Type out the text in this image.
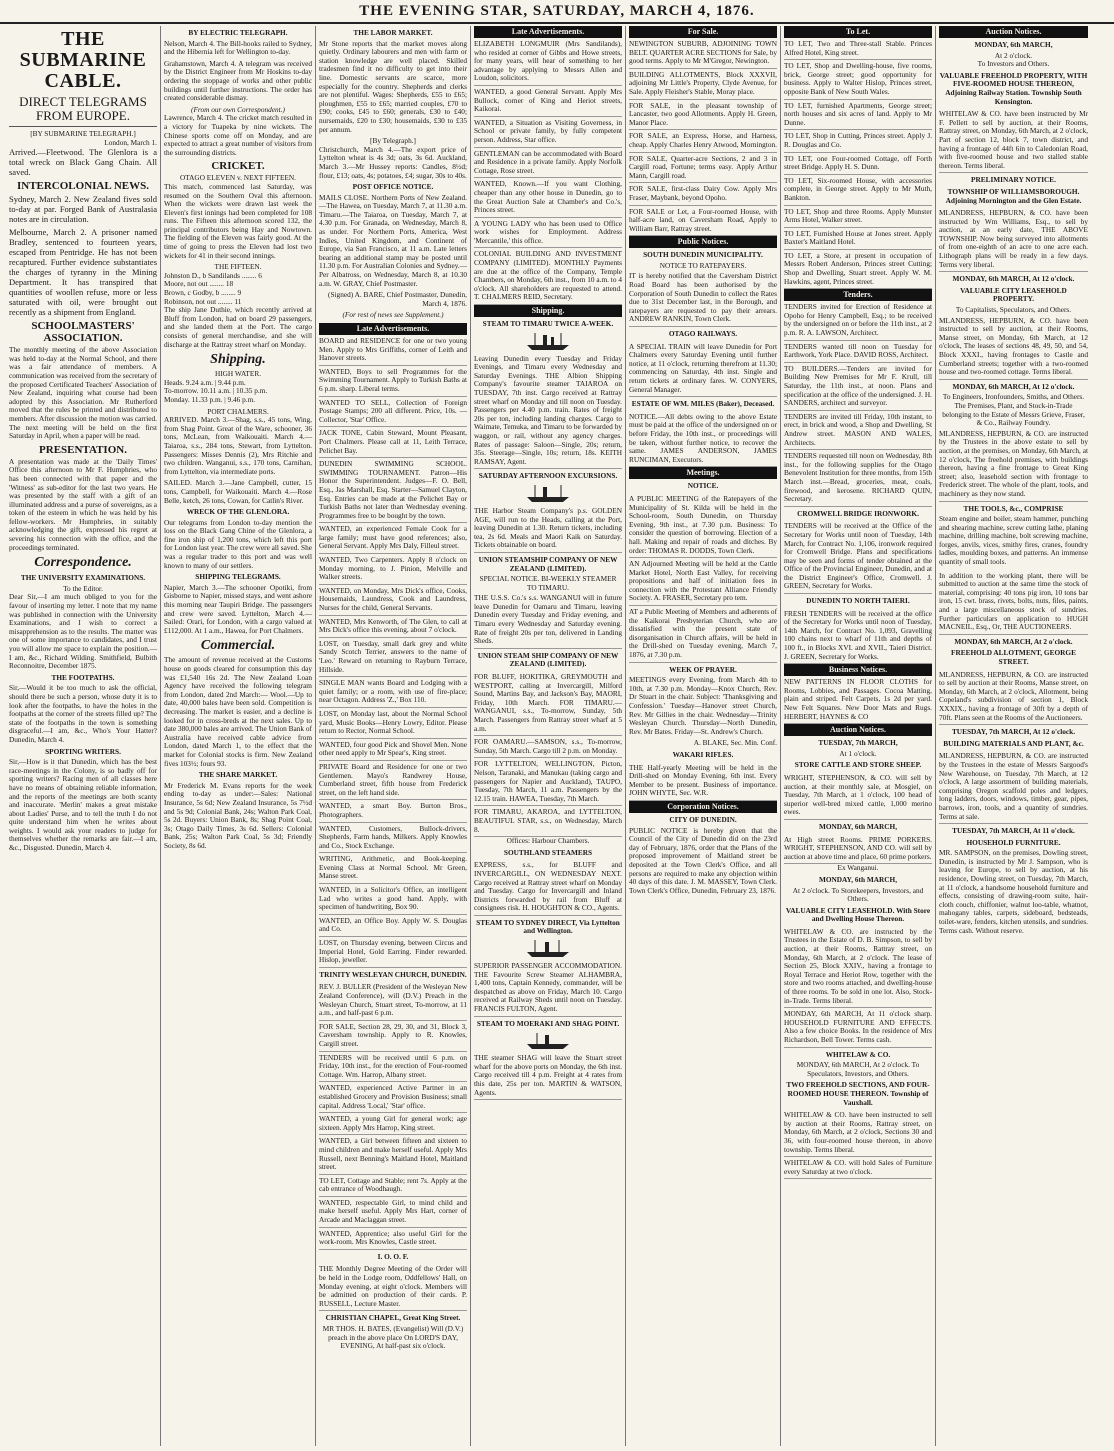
THE EVENING STAR, SATURDAY, MARCH 4, 1876.
THE SUBMARINE CABLE.
DIRECT TELEGRAMS FROM EUROPE.
[BY SUBMARINE TELEGRAPH.]
London, March 1.

Arrived.—Fleetwood. The Glenlora is a total wreck on Black Gang Chain. All saved.

INTERCOLONIAL NEWS.

Sydney, March 2. New Zealand fives sold to-day at par. Forged Bank of Australasia notes are in circulation.

Melbourne, March 2. A prisoner named Bradley, sentenced to fourteen years, escaped from Pentridge. He has not been recaptured. Further evidence substantiates the charges of tyranny in the Mining Department. It has transpired that quantities of woollen refuse, more or less saturated with oil, were brought out recently as a shipment from England.

SCHOOLMASTERS' ASSOCIATION.

The monthly meeting of the above Association was held to-day at the Normal School, and there was a fair attendance of members. A communication was received from the secretary of the proposed Certificated Teachers' Association of New Zealand, inquiring what course had been adopted by this Association. Mr Rutherford moved that the rules be printed and distributed to members. After discussion the motion was carried. The next meeting will be held on the first Saturday in April, when a paper will be read.

PRESENTATION.

A presentation was made at the 'Daily Times' Office this afternoon to Mr F. Humphries, who has been connected with that paper and the 'Witness' as sub-editor for the last two years. He was presented by the staff with a gift of an illuminated address and a purse of sovereigns, as a token of the esteem in which he was held by his fellow-workers. Mr Humphries, in suitably acknowledging the gift, expressed his regret at severing his connection with the office, and the proceedings terminated.

Correspondence.
THE UNIVERSITY EXAMINATIONS.
To the Editor.

Dear Sir,—I am much obliged to you for the favour of inserting my letter. I note that my name was published in connection with the University Examinations, and I wish to correct a misapprehension as to the results. The matter was one of some importance to candidates, and I trust you will allow me space to explain the position.—I am, &c., Richard Wilding. Smithfield, Bulbith Reconnoitre, December 1875.

THE FOOTPATHS.

Sir,—Would it be too much to ask the official, should there be such a person, whose duty it is to look after the footpaths, to have the holes in the footpaths at the corner of the streets filled up? The state of the footpaths in the town is something disgraceful.—I am, &c., Who's Your Hatter? Dunedin, March 4.

SPORTING WRITERS.

Sir,—How is it that Dunedin, which has the best race-meetings in the Colony, is so badly off for sporting writers? Racing men of all classes here have no means of obtaining reliable information, and the reports of the meetings are both scanty and inaccurate. 'Merlin' makes a great mistake about Ladies' Purse, and to tell the truth I do not quite understand him when he writes about weights. I would ask your readers to judge for themselves whether the remarks are fair.—I am, &c., Disgusted. Dunedin, March 4.

BY ELECTRIC TELEGRAPH.

Nelson, March 4. The Bill-hooks railed to Sydney, and the Hibernia left for Wellington to-day.

Grahamstown, March 4. A telegram was received by the District Engineer from Mr Hoskins to-day ordering the stoppage of works and other public buildings until further instructions. The order has created considerable dismay.

(From our own Correspondent.)

Lawrence, March 4. The cricket match resulted in a victory for Tuapeka by nine wickets. The Chinese sports come off on Monday, and are expected to attract a great number of visitors from the surrounding districts.

CRICKET.
OTAGO ELEVEN v. NEXT FIFTEEN.

This match, commenced last Saturday, was resumed on the Southern Oval this afternoon. When the wickets were drawn last week the Eleven's first innings had been completed for 108 runs. The Fifteen this afternoon scored 132, the principal contributors being Hay and Nowtown. The fielding of the Eleven was fairly good. At the time of going to press the Eleven had lost two wickets for 41 in their second innings.

THE FIFTEEN.
Johnston D., b Sandilands ........ 6
Moore, not out ........ 18
Brown, c Godby, b ........ 9
Robinson, not out ........ 11

The ship Jane Duthie, which recently arrived at Bluff from London, had on board 29 passengers, and she landed them at the Port. The cargo consists of general merchandise, and she will discharge at the Rattray street wharf on Monday.

Shipping.
HIGH WATER.
Heads. 9.24 a.m. | 9.44 p.m.
To-morrow. 10.11 a.m. | 10.35 p.m.
Monday. 11.33 p.m. | 9.46 p.m.
PORT CHALMERS.

ARRIVED. March 3.—Shag, s.s., 45 tons, Wing, from Shag Point. Great of the Ware, schooner, 36 tons, McLean, from Waikouaiti. March 4.—Taiaroa, s.s., 284 tons, Stewart, from Lyttelton. Passengers: Misses Dennis (2), Mrs Ritchie and two children. Wanganui, s.s., 170 tons, Carnihan, from Lyttelton, via intermediate ports.

SAILED. March 3.—Jane Campbell, cutter, 15 tons, Campbell, for Waikouaiti. March 4.—Rose Belle, ketch, 26 tons, Cowan, for Catlin's River.

WRECK OF THE GLENLORA.

Our telegrams from London to-day mention the loss on the Black Gang Chine of the Glenlora, a fine iron ship of 1,200 tons, which left this port for London last year. The crew were all saved. She was a regular trader to this port and was well known to many of our settlers.

SHIPPING TELEGRAMS.

Napier, March 3.—The schooner Opotiki, from Gisborne to Napier, missed stays, and went ashore this morning near Taupiri Bridge. The passengers and crew were saved. Lyttelton, March 4.—Sailed: Orari, for London, with a cargo valued at £112,000. At 1 a.m., Hawea, for Port Chalmers.

Commercial.

The amount of revenue received at the Customs house on goods cleared for consumption this day was £1,540 16s 2d. The New Zealand Loan Agency have received the following telegram from London, dated 2nd March:— Wool.—Up to date, 40,000 bales have been sold. Competition is decreasing. The market is easier, and a decline is looked for in cross-breds at the next sales. Up to date 380,000 bales are arrived. The Union Bank of Australia have received cable advice from London, dated March 1, to the effect that the market for Colonial stocks is firm. New Zealand fives 103½; fours 93.

THE SHARE MARKET.

Mr Frederick M. Evans reports for the week ending to-day as under:—Sales: National Insurance, 5s 6d; New Zealand Insurance, 5s 7½d and 5s 9d; Colonial Bank, 24s; Walton Park Coal, 5s 2d. Buyers: Union Bank, 8s; Shag Point Coal, 3s; Otago Daily Times, 3s 6d. Sellers: Colonial Bank, 25s; Walton Park Coal, 5s 3d; Friendly Society, 8s 6d.

THE LABOR MARKET.

Mr Stone reports that the market moves along quietly. Ordinary labourers and men with farm or station knowledge are well placed. Skilled tradesmen find it no difficulty to get into their line. Domestic servants are scarce, more especially for the country. Shepherds and clerks are not plentiful. Wages: Shepherds, £55 to £65; ploughmen, £55 to £65; married couples, £70 to £90; cooks, £45 to £60; generals, £30 to £40; nursemaids, £20 to £30; housemaids, £30 to £35 per annum.

[By Telegraph.]

Christchurch, March 4.—The export price of Lyttelton wheat is 4s 3d; oats, 3s 6d. Auckland, March 3.—Mr Hussey reports: Candles, 8½d; flour, £13; oats, 4s; potatoes, £4; sugar, 30s to 40s.

POST OFFICE NOTICE.

MAILS CLOSE. Northern Ports of New Zealand.—The Hawea, on Tuesday, March 7, at 11.30 a.m. Timaru.—The Taiaroa, on Tuesday, March 7, at 4.30 p.m. For Granada, on Wednesday, March 8, as under. For Northern Ports, America, West Indies, United Kingdom, and Continent of Europe, via San Francisco, at 11 a.m. Late letters bearing an additional stamp may be posted until 11.30 p.m. For Australian Colonies and Sydney.—Per Albatross, on Wednesday, March 8, at 10.30 a.m. W. GRAY, Chief Postmaster.

(Signed) A. BARE, Chief Postmaster, Dunedin, March 4, 1876.
(For rest of news see Supplement.)
Late Advertisements.

BOARD and RESIDENCE for one or two young Men. Apply to Mrs Griffiths, corner of Leith and Hanover streets.

WANTED, Boys to sell Programmes for the Swimming Tournament. Apply to Turkish Baths at 6 p.m. sharp. Liberal terms.

WANTED TO SELL, Collection of Foreign Postage Stamps; 200 all different. Price, 10s. — Collector, 'Star' Office.

JACK TONE, Cabin Steward, Mount Pleasant, Port Chalmers. Please call at 11, Leith Terrace, Pelichet Bay.

DUNEDIN SWIMMING SCHOOL. SWIMMING TOURNAMENT. Patron—His Honor the Superintendent. Judges—F. O. Bell, Esq., Jas Marshall, Esq. Starter—Samuel Clayton, Esq. Entries can be made at the Pelichet Bay or Turkish Baths not later than Wednesday evening. Programmes free to be bought by the town.

WANTED, an experienced Female Cook for a large family; must have good references; also, General Servant. Apply Mrs Daly, Filleul street.

WANTED, Two Carpenters. Apply 8 o'clock on Monday morning, to J. Pinion, Melville and Walker streets.

WANTED, on Monday, Mrs Dick's office, Cooks, Housemaids, Laundress, Cook and Laundress, Nurses for the child, General Servants.

WANTED, Mrs Kenworth, of The Glen, to call at Mrs Dick's office this evening, about 7 o'clock.

LOST, on Tuesday, small dark grey and white Sandy Scotch Terrier, answers to the name of 'Leo.' Reward on returning to Rayburn Terrace, Hillside.

SINGLE MAN wants Board and Lodging with a quiet family; or a room, with use of fire-place; near Octagon. Address 'Z.,' Box 110.

LOST, on Monday last, about the Normal School yard, Music Books—Henry Lowry, Editor. Please return to Rector, Normal School.

WANTED, four good Pick and Shovel Men. None other need apply to Mr Spear's, King street.

PRIVATE Board and Residence for one or two Gentlemen. Mayo's Randwrey House, Cumberland street, fifth house from Frederick street, on the left hand side.

WANTED, a smart Boy. Burton Bros., Photographers.

WANTED, Customers, Bullock-drivers, Shepherds, Farm hands, Milkers. Apply Knowles and Co., Stock Exchange.

WRITING, Arithmetic, and Book-keeping. Evening Class at Normal School. Mr Green, Manse street.

WANTED, in a Solicitor's Office, an intelligent Lad who writes a good hand. Apply, with specimen of handwriting, Box 90.

WANTED, an Office Boy. Apply W. S. Douglas and Co.

LOST, on Thursday evening, between Circus and Imperial Hotel, Gold Earring. Finder rewarded. Hislop, jeweller.

TRINITY WESLEYAN CHURCH, DUNEDIN.

REV. J. BULLER (President of the Wesleyan New Zealand Conference), will (D.V.) Preach in the Wesleyan Church, Stuart street, To-morrow, at 11 a.m., and half-past 6 p.m.

FOR SALE, Section 28, 29, 30, and 31, Block 3, Caversham township. Apply to R. Knowles, Cargill street.

TENDERS will be received until 6 p.m. on Friday, 10th inst., for the erection of Four-roomed Cottage. Wm. Harrop, Albany street.

WANTED, experienced Active Partner in an established Grocery and Provision Business; small capital. Address 'Local,' 'Star' office.

WANTED, a young Girl for general work; age sixteen. Apply Mrs Harrop, King street.

WANTED, a Girl between fifteen and sixteen to mind children and make herself useful. Apply Mrs Russell, next Benning's Maitland Hotel, Maitland street.

TO LET, Cottage and Stable; rent 7s. Apply at the cab entrance of Woodhaugh.

WANTED, respectable Girl, to mind child and make herself useful. Apply Mrs Hart, corner of Arcade and Maclaggan street.

WANTED, Apprentice; also useful Girl for the work-room. Mrs Knowles, Castle street.

I. O. O. F.

THE Monthly Degree Meeting of the Order will be held in the Lodge room, Oddfellows' Hall, on Monday evening, at eight o'clock. Members will be admitted on production of their cards. P. RUSSELL, Lecture Master.

CHRISTIAN CHAPEL, Great King Street.

MR THOS. H. BATES, (Evangelist) Will (D.V.) preach in the above place On LORD'S DAY, EVENING, At half-past six o'clock.

Late Advertisements.

ELIZABETH LONGMUIR (Mrs Sandilands), who resided at corner of Gibbs and Howe streets, for many years, will hear of something to her advantage by applying to Messrs Allen and Loudon, solicitors.

WANTED, a good General Servant. Apply Mrs Bullock, corner of King and Heriot streets, Kaikorai.

WANTED, a Situation as Visiting Governess, in School or private family, by fully competent person. Address, Star office.

GENTLEMAN can be accommodated with Board and Residence in a private family. Apply Norfolk Cottage, Rose street.

WANTED, Known.—If you want Clothing, cheaper than any other house in Dunedin, go to the Great Auction Sale at Chamber's and Co.'s, Princes street.

A YOUNG LADY who has been used to Office work wishes for Employment. Address 'Mercantile,' this office.

COLONIAL BUILDING AND INVESTMENT COMPANY (LIMITED). MONTHLY Payments are due at the office of the Company, Temple Chambers, on Monday, 6th inst., from 10 a.m. to 4 o'clock. All shareholders are requested to attend. T. CHALMERS REID, Secretary.

Shipping.
STEAM TO TIMARU TWICE A-WEEK.

Leaving Dunedin every Tuesday and Friday Evenings, and Timaru every Wednesday and Saturday Evenings. THE Albion Shipping Company's favourite steamer TAIAROA on TUESDAY, 7th inst. Cargo received at Rattray street wharf on Monday and till noon on Tuesday. Passengers per 4.40 p.m. train. Rates of freight 20s per ton, including landing charges. Cargo to Waimate, Temuka, and Timaru to be forwarded by waggon, or rail, without any agency charges. Rates of passage: Saloon—Single, 20s; return, 35s. Steerage—Single, 10s; return, 18s. KEITH RAMSAY, Agent.

SATURDAY AFTERNOON EXCURSIONS.

THE Harbor Steam Company's p.s. GOLDEN AGE, will run to the Heads, calling at the Port, leaving Dunedin at 1.30. Return tickets, including tea, 2s 6d. Meals and Maori Kaik on Saturday. Tickets obtainable on board.

UNION STEAMSHIP COMPANY OF NEW ZEALAND (LIMITED).
SPECIAL NOTICE. BI-WEEKLY STEAMER TO TIMARU.

THE U.S.S. Co.'s s.s. WANGANUI will in future leave Dunedin for Oamaru and Timaru, leaving Dunedin every Tuesday and Friday evening, and Timaru every Wednesday and Saturday evening. Rate of freight 20s per ton, delivered in Landing Sheds.

UNION STEAM SHIP COMPANY OF NEW ZEALAND (LIMITED).

FOR BLUFF, HOKITIKA, GREYMOUTH and WESTPORT, calling at Invercargill, Milford Sound, Martins Bay, and Jackson's Bay, MAORI, Friday, 10th March. FOR TIMARU.—WANGANUI, s.s., To-morrow, Sunday, 5th March. Passengers from Rattray street wharf at 5 a.m.

FOR OAMARU.—SAMSON, s.s., To-morrow, Sunday, 5th March. Cargo till 2 p.m. on Monday.

FOR LYTTELTON, WELLINGTON, Picton, Nelson, Taranaki, and Manukau (taking cargo and passengers for Napier and Auckland), TAUPO, Tuesday, 7th March, 11 a.m. Passengers by the 12.15 train. HAWEA, Tuesday, 7th March.

FOR TIMARU, AKAROA, and LYTTELTON, BEAUTIFUL STAR, s.s., on Wednesday, March 8.

Offices: Harbour Chambers.
SOUTHLAND STEAMERS

EXPRESS, s.s., for BLUFF and INVERCARGILL, ON WEDNESDAY NEXT. Cargo received at Rattray street wharf on Monday and Tuesday. Cargo for Invercargill and Inland Districts forwarded by rail from Bluff at consignees risk. H. HOUGHTON & CO., Agents.

STEAM TO SYDNEY DIRECT, Via Lyttelton and Wellington.

SUPERIOR PASSENGER ACCOMMODATION. THE Favourite Screw Steamer ALHAMBRA, 1,400 tons, Captain Kennedy, commander, will be despatched as above on Friday, March 10. Cargo received at Railway Sheds until noon on Tuesday. FRANCIS FULTON, Agent.

STEAM TO MOERAKI AND SHAG POINT.

THE steamer SHAG will leave the Stuart street wharf for the above ports on Monday, the 6th inst. Cargo received till 4 p.m. Freight at 4 rates from this date, 25s per ton. MARTIN & WATSON, Agents.

For Sale.

NEWINGTON SUBURB, ADJOINING TOWN BELT. QUARTER ACRE SECTIONS for Sale, by good terms. Apply to Mr M'Gregor, Newington.

BUILDING ALLOTMENTS, Block XXXVII, adjoining Mr Little's Property, Clyde Avenue, for Sale. Apply Fleisher's Stable, Moray place.

FOR SALE, in the pleasant township of Lancaster, two good Allotments. Apply H. Green, Manor Place.

FOR SALE, an Express, Horse, and Harness, cheap. Apply Charles Henry Atwood, Mornington.

FOR SALE, Quarter-acre Sections, 2 and 3 in Cargill road, Fortune; terms easy. Apply Arthur Mann, Cargill road.

FOR SALE, first-class Dairy Cow. Apply Mrs Fraser, Maybank, beyond Opoho.

FOR SALE or Let, a Four-roomed House, with half-acre land, on Caversham Road, Apply to William Barr, Rattray street.

Public Notices.
SOUTH DUNEDIN MUNICIPALITY.
NOTICE TO RATEPAYERS.

IT is hereby notified that the Caversham District Road Board has been authorised by the Corporation of South Dunedin to collect the Rates due to 31st December last, in the Borough, and ratepayers are requested to pay their arrears. ANDREW RANKIN, Town Clerk.

OTAGO RAILWAYS.

A SPECIAL TRAIN will leave Dunedin for Port Chalmers every Saturday Evening until further notice, at 11 o'clock, returning therefrom at 11.30; commencing on Saturday, 4th inst. Single and return tickets at ordinary fares. W. CONYERS, General Manager.

ESTATE OF WM. MILES (Baker), Deceased.

NOTICE.—All debts owing to the above Estate must be paid at the office of the undersigned on or before Friday, the 10th inst., or proceedings will be taken, without further notice, to recover the same. JAMES ANDERSON, JAMES RUNCIMAN, Executors.

Meetings.
NOTICE.

A PUBLIC MEETING of the Ratepayers of the Municipality of St. Kilda will be held in the School-room, South Dunedin, on Thursday Evening, 9th inst., at 7.30 p.m. Business: To consider the question of borrowing. Election of a hall. Making and repair of roads and ditches. By order: THOMAS R. DODDS, Town Clerk.

AN Adjourned Meeting will be held at the Cattle Market Hotel, North East Valley, for receiving propositions and half of initiation fees in connection with the Protestant Alliance Friendly Society. A. FRASER, Secretary pro tem.

AT a Public Meeting of Members and adherents of the Kaikorai Presbyterian Church, who are dissatisfied with the present state of disorganisation in Church affairs, will be held in the Drill-shed on Tuesday evening, March 7, 1876, at 7.30 p.m.

WEEK OF PRAYER.

MEETINGS every Evening, from March 4th to 10th, at 7.30 p.m. Monday—Knox Church, Rev. Dr Stuart in the chair. Subject: 'Thanksgiving and Confession.' Tuesday—Hanover street Church, Rev. Mr Gillies in the chair. Wednesday—Trinity Wesleyan Church. Thursday—North Dunedin, Rev. Mr Bates. Friday—St. Andrew's Church.

A. BLAKE, Sec. Min. Conf.
WAKARI RIFLES.

THE Half-yearly Meeting will be held in the Drill-shed on Monday Evening, 6th inst. Every Member to be present. Business of importance. JOHN WHYTE, Sec. W.R.

Corporation Notices.
CITY OF DUNEDIN.

PUBLIC NOTICE is hereby given that the Council of the City of Dunedin did on the 23rd day of February, 1876, order that the Plans of the proposed improvement of Maitland street be deposited at the Town Clerk's Office, and all persons are required to make any objection within 40 days of this date. J. M. MASSEY, Town Clerk. Town Clerk's Office, Dunedin, February 23, 1876.

To Let.

TO LET, Two and Three-stall Stable. Princes Alfred Hotel, King street.

TO LET, Shop and Dwelling-house, five rooms, brick, George street; good opportunity for business. Apply to Walter Hislop, Princes street, opposite Bank of New South Wales.

TO LET, furnished Apartments, George street; north houses and six acres of land. Apply to Mr Dunne.

TO LET, Shop in Cutting, Princes street. Apply J. R. Douglas and Co.

TO LET, one Four-roomed Cottage, off Forth street Bridge. Apply H. S. Dunn.

TO LET, Six-roomed House, with accessories complete, in George street. Apply to Mr Muth, Bankton.

TO LET, Shop and three Rooms. Apply Munster Arms Hotel, Walker street.

TO LET, Furnished House at Jones street. Apply Baxter's Maitland Hotel.

TO LET, a Store, at present in occupation of Messrs Robert Anderson, Princes street Cutting; Shop and Dwelling, Stuart street. Apply W. M. Hawkins, agent, Princes street.

Tenders.

TENDERS invited for Erection of Residence at Opoho for Henry Campbell, Esq.; to be received by the undersigned on or before the 11th inst., at 2 p.m. R. A. LAWSON, Architect.

TENDERS wanted till noon on Tuesday for Earthwork, York Place. DAVID ROSS, Architect.

TO BUILDERS.—Tenders are invited for Building New Premises for Mr F. Krull, till Saturday, the 11th inst., at noon. Plans and specification at the office of the undersigned. J. H. SANDERS, architect and surveyor.

TENDERS are invited till Friday, 10th instant, to erect, in brick and wood, a Shop and Dwelling, St Andrew street. MASON AND WALES, Architects.

TENDERS requested till noon on Wednesday, 8th inst., for the following supplies for the Otago Benevolent Institution for three months, from 15th March inst.—Bread, groceries, meat, coals, firewood, and kerosene. RICHARD QUIN, Secretary.

CROMWELL BRIDGE IRONWORK.

TENDERS will be received at the Office of the Secretary for Works until noon of Tuesday, 14th March, for Contract No. 1,106, ironwork required for Cromwell Bridge. Plans and specifications may be seen and forms of tender obtained at the Office of the Provincial Engineer, Dunedin, and at the District Engineer's Office, Cromwell. J. GREEN, Secretary for Works.

DUNEDIN TO NORTH TAIERI.

FRESH TENDERS will be received at the office of the Secretary for Works until noon of Tuesday, 14th March, for Contract No. 1,093, Gravelling 100 chains next to wharf of 11th and depths of 100 ft., in Blocks XVI. and XVII., Taieri District. J. GREEN, Secretary for Works.

Business Notices.

NEW PATTERNS IN FLOOR CLOTHS for Rooms, Lobbies, and Passages. Cocoa Matting, plain and striped. Felt Carpets, 1s 2d per yard. New Felt Squares. New Door Mats and Rugs. HERBERT, HAYNES & CO

Auction Notices.
TUESDAY, 7th MARCH,
At 1 o'clock.
STORE CATTLE AND STORE SHEEP.

WRIGHT, STEPHENSON, & CO. will sell by auction, at their monthly sale, at Mosgiel, on Tuesday, 7th March, at 1 o'clock, 100 head of superior well-bred mixed cattle, 1,000 merino ewes.

MONDAY, 6th MARCH,

At High street Rooms. PRIME PORKERS. WRIGHT, STEPHENSON, AND CO. will sell by auction at above time and place, 60 prime porkers.

Ex Wanganui.
MONDAY, 6th MARCH,
At 2 o'clock. To Storekeepers, Investors, and Others.
VALUABLE CITY LEASEHOLD. With Store and Dwelling House Thereon.

WHITELAW & CO. are instructed by the Trustees in the Estate of D. B. Simpson, to sell by auction, at their Rooms, Rattray street, on Monday, 6th March, at 2 o'clock. The lease of Section 25, Block XXIV., having a frontage to Royal Terrace and Heriot Row, together with the store and two rooms attached, and dwelling-house of three rooms. To be sold in one lot. Also, Stock-in-Trade. Terms liberal.

MONDAY, 6th MARCH, At 11 o'clock sharp. HOUSEHOLD FURNITURE AND EFFECTS. Also a few choice Books. In the residence of Mrs Richardson, Bell Tower. Terms cash.

WHITELAW & CO.
MONDAY, 6th MARCH, At 2 o'clock. To Speculators, Investors, and Others.
TWO FREEHOLD SECTIONS, AND FOUR-ROOMED HOUSE THEREON. Township of Vauxhall.

WHITELAW & CO. have been instructed to sell by auction at their Rooms, Rattray street, on Monday, 6th March, at 2 o'clock, Sections 30 and 36, with four-roomed house thereon, in above township. Terms liberal.

WHITELAW & CO. will hold Sales of Furniture every Saturday at two o'clock.

Auction Notices.
MONDAY, 6th MARCH,
At 2 o'clock.
To Investors and Others.
VALUABLE FREEHOLD PROPERTY, WITH FIVE-ROOMED HOUSE THEREON, Adjoining Railway Station. Township South Kensington.

WHITELAW & CO. have been instructed by Mr F. Pellett to sell by auction, at their Rooms, Rattray street, on Monday, 6th March, at 2 o'clock, Part of section 12, block 7, town district, and having a frontage of 44ft 6in to Caledonian Road, with five-roomed house and two stalled stable thereon. Terms liberal.

PRELIMINARY NOTICE.
TOWNSHIP OF WILLIAMSBOROUGH. Adjoining Mornington and the Glen Estate.

MLANDRESS, HEPBURN, & CO. have been instructed by Wm Williams, Esq., to sell by auction, at an early date, THE ABOVE TOWNSHIP. Now being surveyed into allotments of from one-eighth of an acre to one acre each. Lithograph plans will be ready in a few days. Terms very liberal.

MONDAY, 6th MARCH, At 12 o'clock.
VALUABLE CITY LEASEHOLD PROPERTY.
To Capitalists, Speculators, and Others.

MLANDRESS, HEPBURN, & CO. have been instructed to sell by auction, at their Rooms, Manse street, on Monday, 6th March, at 12 o'clock, The leases of sections 48, 49, 50, and 54, Block XXXI., having frontages to Castle and Cumberland streets; together with a two-roomed house and two-roomed cottage. Terms liberal.

MONDAY, 6th MARCH, At 12 o'clock.
To Engineers, Ironfounders, Smiths, and Others.
The Premises, Plant, and Stock-in-Trade belonging to the Estate of Messrs Grieve, Fraser, & Co., Railway Foundry.

MLANDRESS, HEPBURN, & CO. are instructed by the Trustees in the above estate to sell by auction, at the premises, on Monday, 6th March, at 12 o'clock, The freehold premises, with buildings thereon, having a fine frontage to Great King street; also, leasehold section with frontage to Frederick street. The whole of the plant, tools, and machinery as they now stand.

THE TOOLS, &c., COMPRISE

Steam engine and boiler, steam hammer, punching and shearing machine, screw cutting lathe, planing machine, drilling machine, bolt screwing machine, forges, anvils, vices, smithy fires, cranes, foundry ladles, moulding boxes, and patterns. An immense quantity of small tools.

In addition to the working plant, there will be submitted to auction at the same time the stock of material, comprising: 40 tons pig iron, 10 tons bar iron, 15 cwt. brass, rivets, bolts, nuts, files, paints, and a large miscellaneous stock of sundries. Further particulars on application to HUGH MACNEIL, Esq., Or, THE AUCTIONEERS.

MONDAY, 6th MARCH, At 2 o'clock.
FREEHOLD ALLOTMENT, GEORGE STREET.

MLANDRESS, HEPBURN, & CO. are instructed to sell by auction at their Rooms, Manse street, on Monday, 6th March, at 2 o'clock, Allotment, being Copeland's subdivision of section 1, Block XXXIX., having a frontage of 30ft by a depth of 70ft. Plans seen at the Rooms of the Auctioneers.

TUESDAY, 7th MARCH, At 12 o'clock.
BUILDING MATERIALS AND PLANT, &c.

MLANDRESS, HEPBURN, & CO. are instructed by the Trustees in the estate of Messrs Sargood's New Warehouse, on Tuesday, 7th March, at 12 o'clock, A large assortment of building materials, comprising Oregon scaffold poles and ledgers, long ladders, doors, windows, timber, gear, pipes, barrows, iron, tools, and a quantity of sundries. Terms at sale.

TUESDAY, 7th MARCH, At 11 o'clock.
HOUSEHOLD FURNITURE.

MR. SAMPSON, on the premises, Dowling street, Dunedin, is instructed by Mr J. Sampson, who is leaving for Europe, to sell by auction, at his residence, Dowling street, on Tuesday, 7th March, at 11 o'clock, a handsome household furniture and effects, consisting of drawing-room suite, hair-cloth couch, chiffonier, walnut loo-table, whatnot, mahogany tables, carpets, sideboard, bedsteads, toilet-ware, fenders, kitchen utensils, and sundries. Terms cash. Without reserve.
